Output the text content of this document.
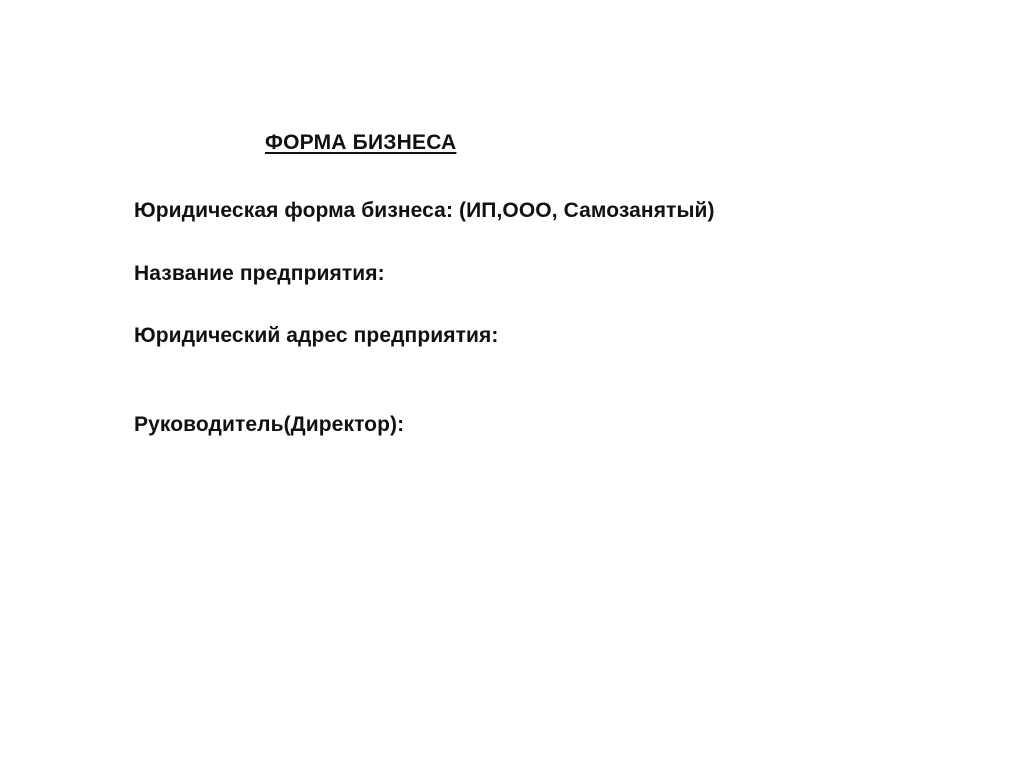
ФОРМА БИЗНЕСА
Юридическая форма бизнеса: (ИП,ООО, Самозанятый)
Название предприятия:
Юридический адрес предприятия:
Руководитель(Директор):
